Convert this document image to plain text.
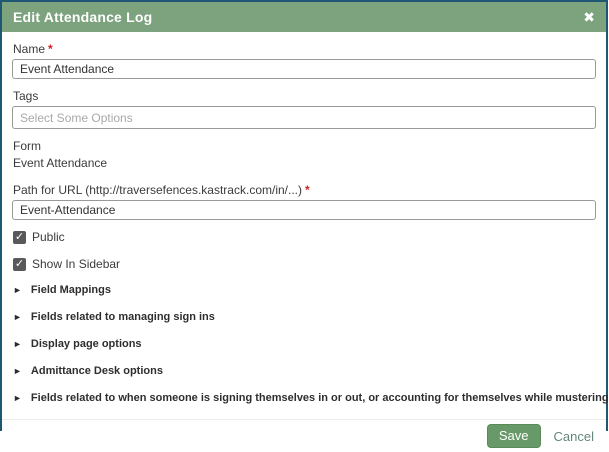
Edit Attendance Log	✖
Name *
Event Attendance
Tags
Select Some Options
Form
Event Attendance
Path for URL (http://traversefences.kastrack.com/in/...) *
Event-Attendance
✓ Public
✓ Show In Sidebar
► Field Mappings
► Fields related to managing sign ins
► Display page options
► Admittance Desk options
► Fields related to when someone is signing themselves in or out, or accounting for themselves while mustering
Save	Cancel
